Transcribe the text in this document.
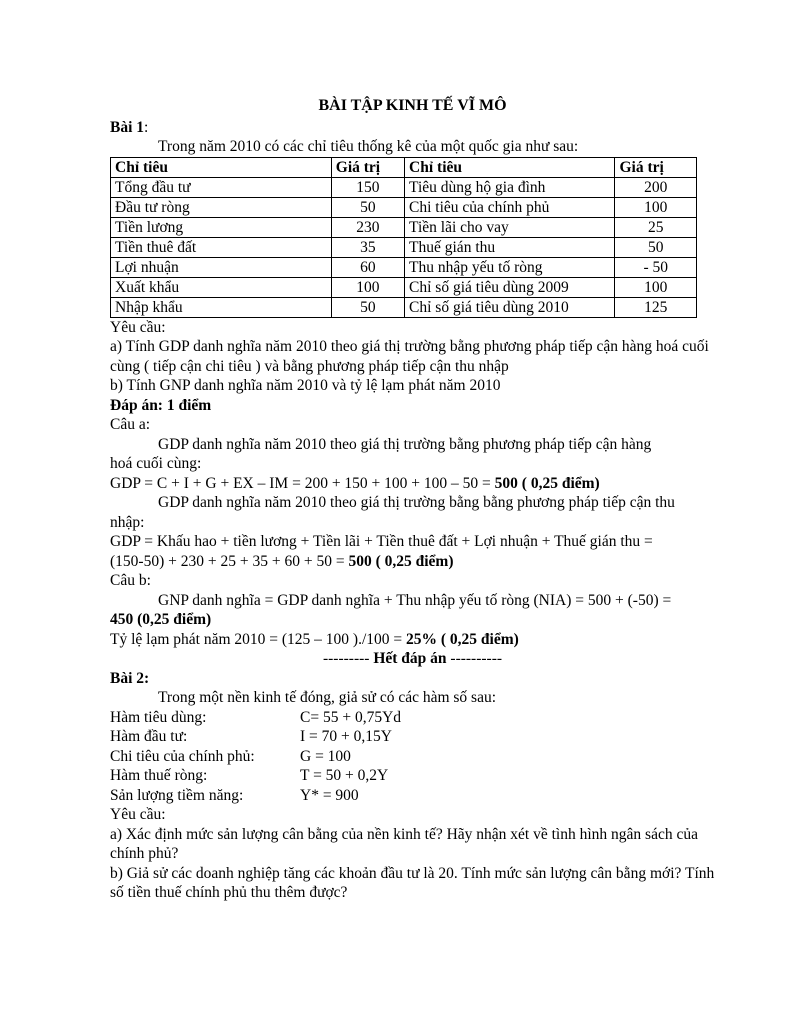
BÀI TẬP KINH TẾ VĨ MÔ

Bài 1:

Trong năm 2010 có các chỉ tiêu thống kê của một quốc gia như sau:

Chỉ tiêu	Giá trị	Chỉ tiêu	Giá trị
Tổng đầu tư	150	Tiêu dùng hộ gia đình	200
Đầu tư ròng	50	Chi tiêu của chính phủ	100
Tiền lương	230	Tiền lãi cho vay	25
Tiền thuê đất	35	Thuế gián thu	50
Lợi nhuận	60	Thu nhập yếu tố ròng	- 50
Xuất khẩu	100	Chỉ số giá tiêu dùng 2009	100
Nhập khẩu	50	Chỉ số giá tiêu dùng 2010	125

Yêu cầu:

a) Tính GDP danh nghĩa năm 2010 theo giá thị trường bằng phương pháp tiếp cận hàng hoá cuối cùng ( tiếp cận chi tiêu ) và bằng phương pháp tiếp cận thu nhập

b) Tính GNP danh nghĩa năm 2010 và tỷ lệ lạm phát năm 2010

Đáp án: 1 điểm

Câu a:

GDP danh nghĩa năm 2010 theo giá thị trường bằng phương pháp tiếp cận hàng

hoá cuối cùng:

GDP = C + I + G + EX – IM = 200 + 150 + 100 + 100 – 50 = 500 ( 0,25 điểm)

GDP danh nghĩa năm 2010 theo giá thị trường bằng bằng phương pháp tiếp cận thu

nhập:

GDP = Khấu hao + tiền lương + Tiền lãi + Tiền thuê đất + Lợi nhuận + Thuế gián thu =

(150-50) + 230 + 25 + 35 + 60 + 50 = 500 ( 0,25 điểm)

Câu b:

GNP danh nghĩa = GDP danh nghĩa + Thu nhập yếu tố ròng (NIA) = 500 + (-50) =

450 (0,25 điểm)

Tỷ lệ lạm phát năm 2010 = (125 – 100 )./100 = 25% ( 0,25 điểm)

--------- Hết đáp án ----------

Bài 2:

Trong một nền kinh tế đóng, giả sử có các hàm số sau:

Hàm tiêu dùng:	C= 55 + 0,75Yd
Hàm đầu tư:	I = 70 + 0,15Y
Chi tiêu của chính phủ:	G = 100
Hàm thuế ròng:	T = 50 + 0,2Y
Sản lượng tiềm năng:	Y* = 900

Yêu cầu:

a) Xác định mức sản lượng cân bằng của nền kinh tế? Hãy nhận xét về tình hình ngân sách của chính phủ?

b) Giả sử các doanh nghiệp tăng các khoản đầu tư là 20. Tính mức sản lượng cân bằng mới? Tính số tiền thuế chính phủ thu thêm được?
